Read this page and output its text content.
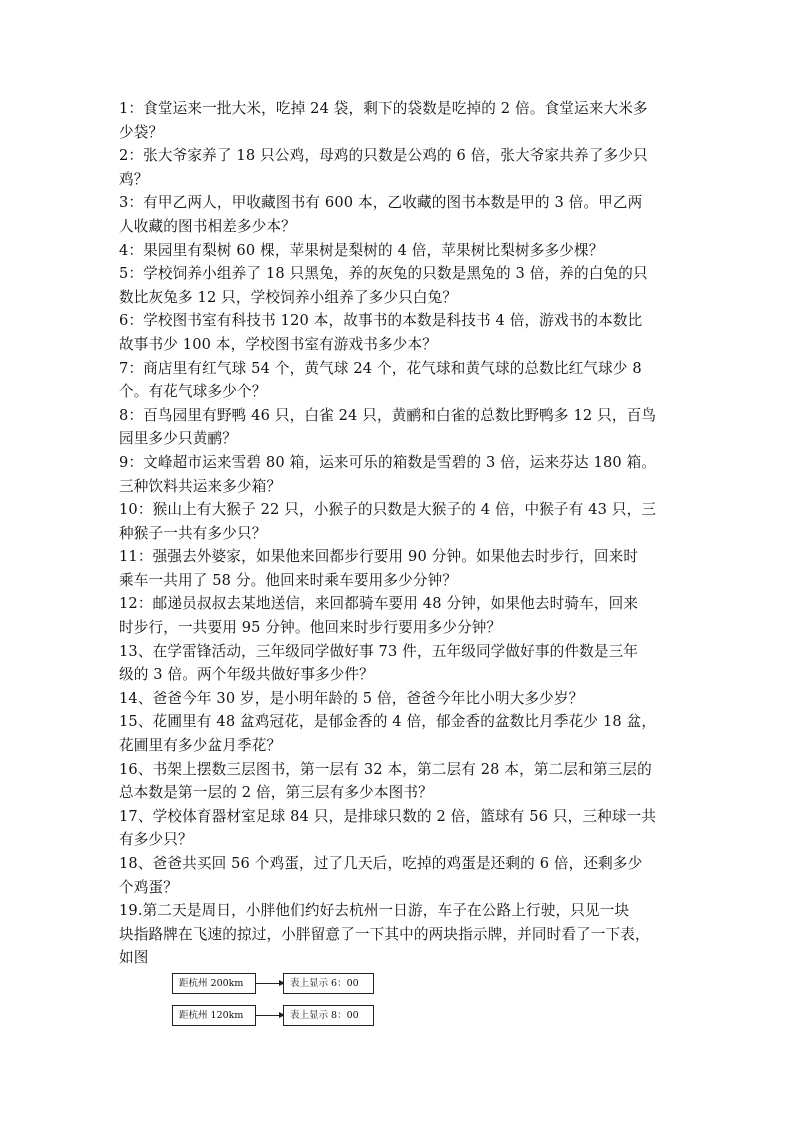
1：食堂运来一批大米，吃掉 24 袋，剩下的袋数是吃掉的 2 倍。食堂运来大米多
少袋？
2：张大爷家养了 18 只公鸡，母鸡的只数是公鸡的 6 倍，张大爷家共养了多少只
鸡？
3：有甲乙两人，甲收藏图书有 600 本，乙收藏的图书本数是甲的 3 倍。甲乙两
人收藏的图书相差多少本？
4：果园里有梨树 60 棵，苹果树是梨树的 4 倍，苹果树比梨树多多少棵？
5：学校饲养小组养了 18 只黑兔，养的灰兔的只数是黑兔的 3 倍，养的白兔的只
数比灰兔多 12 只，学校饲养小组养了多少只白兔？
6：学校图书室有科技书 120 本，故事书的本数是科技书 4 倍，游戏书的本数比
故事书少 100 本，学校图书室有游戏书多少本？
7：商店里有红气球 54 个，黄气球 24 个，花气球和黄气球的总数比红气球少 8
个。有花气球多少个？
8：百鸟园里有野鸭 46 只，白雀 24 只，黄鹂和白雀的总数比野鸭多 12 只，百鸟
园里多少只黄鹂？
9：文峰超市运来雪碧 80 箱，运来可乐的箱数是雪碧的 3 倍，运来芬达 180 箱。
三种饮料共运来多少箱？
10：猴山上有大猴子 22 只，小猴子的只数是大猴子的 4 倍，中猴子有 43 只，三
种猴子一共有多少只？
11：强强去外婆家，如果他来回都步行要用 90 分钟。如果他去时步行，回来时
乘车一共用了 58 分。他回来时乘车要用多少分钟？
12：邮递员叔叔去某地送信，来回都骑车要用 48 分钟，如果他去时骑车，回来
时步行，一共要用 95 分钟。他回来时步行要用多少分钟？
13、在学雷锋活动，三年级同学做好事 73 件，五年级同学做好事的件数是三年
级的 3 倍。两个年级共做好事多少件？
14、爸爸今年 30 岁，是小明年龄的 5 倍，爸爸今年比小明大多少岁？
15、花圃里有 48 盆鸡冠花，是郁金香的 4 倍，郁金香的盆数比月季花少 18 盆，
花圃里有多少盆月季花？
16、书架上摆数三层图书，第一层有 32 本，第二层有 28 本，第二层和第三层的
总本数是第一层的 2 倍，第三层有多少本图书？
17、学校体育器材室足球 84 只，是排球只数的 2 倍，篮球有 56 只，三种球一共
有多少只？
18、爸爸共买回 56 个鸡蛋，过了几天后，吃掉的鸡蛋是还剩的 6 倍，还剩多少
个鸡蛋？
19.第二天是周日，小胖他们约好去杭州一日游，车子在公路上行驶，只见一块
块指路牌在飞速的掠过，小胖留意了一下其中的两块指示牌，并同时看了一下表，
如图
距杭州 200km	表上显示 6：00
距杭州 120km	表上显示 8：00
